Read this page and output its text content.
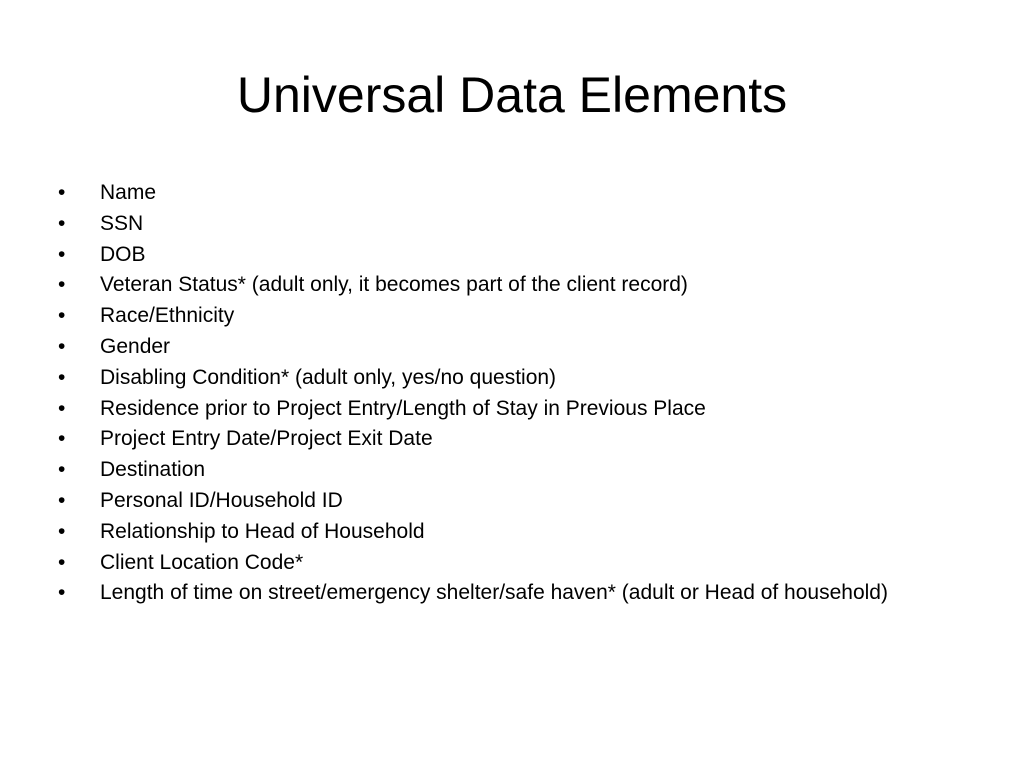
Universal Data Elements
• Name
• SSN
• DOB
• Veteran Status* (adult only, it becomes part of the client record)
• Race/Ethnicity
• Gender
• Disabling Condition* (adult only, yes/no question)
• Residence prior to Project Entry/Length of Stay in Previous Place
• Project Entry Date/Project Exit Date
• Destination
• Personal ID/Household ID
• Relationship to Head of Household
• Client Location Code*
• Length of time on street/emergency shelter/safe haven* (adult or Head of household)
